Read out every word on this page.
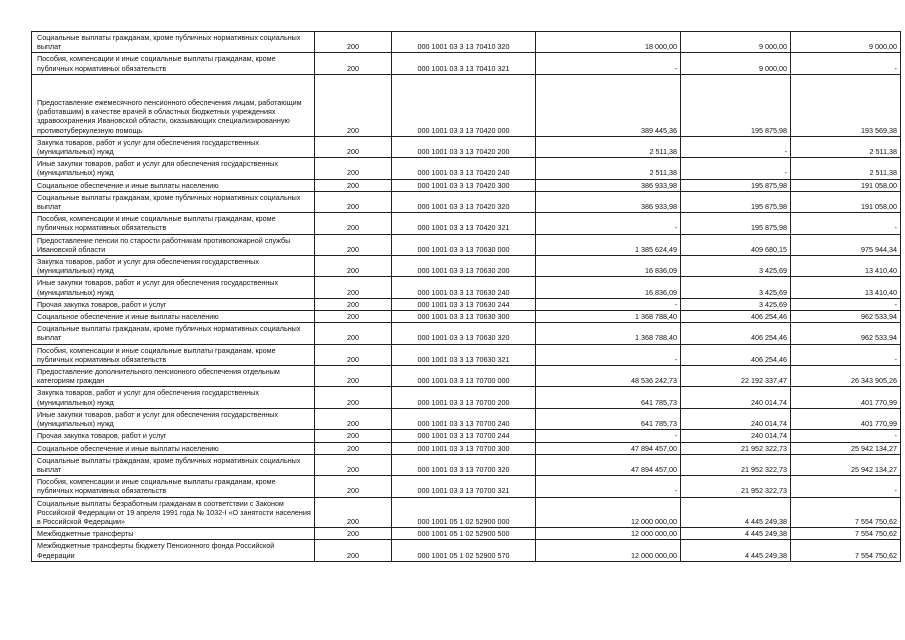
Социальные выплаты гражданам, кроме публичных нормативных социальных выплат	200	000 1001 03 3 13 70410 320	18 000,00	9 000,00	9 000,00
Пособия, компенсации и иные социальные выплаты гражданам, кроме публичных нормативных обязательств	200	000 1001 03 3 13 70410 321	-	9 000,00	-
Предоставление ежемесячного пенсионного обеспечения лицам, работающим (работавшим) в качестве врачей в областных бюджетных учреждениях здравоохранения Ивановской области, оказывающих специализированную противотуберкулезную помощь	200	000 1001 03 3 13 70420 000	389 445,36	195 875,98	193 569,38
Закупка товаров, работ и услуг для обеспечения государственных (муниципальных) нужд	200	000 1001 03 3 13 70420 200	2 511,38	-	2 511,38
Иные закупки товаров, работ и услуг для обеспечения государственных (муниципальных) нужд	200	000 1001 03 3 13 70420 240	2 511,38	-	2 511,38
Социальное обеспечение и иные выплаты населению	200	000 1001 03 3 13 70420 300	386 933,98	195 875,98	191 058,00
Социальные выплаты гражданам, кроме публичных нормативных социальных выплат	200	000 1001 03 3 13 70420 320	386 933,98	195 875,98	191 058,00
Пособия, компенсации и иные социальные выплаты гражданам, кроме публичных нормативных обязательств	200	000 1001 03 3 13 70420 321	-	195 875,98	-
Предоставление пенсии по старости работникам противопожарной службы Ивановской области	200	000 1001 03 3 13 70630 000	1 385 624,49	409 680,15	975 944,34
Закупка товаров, работ и услуг для обеспечения государственных (муниципальных) нужд	200	000 1001 03 3 13 70630 200	16 836,09	3 425,69	13 410,40
Иные закупки товаров, работ и услуг для обеспечения государственных (муниципальных) нужд	200	000 1001 03 3 13 70630 240	16 836,09	3 425,69	13 410,40
Прочая закупка товаров, работ и услуг	200	000 1001 03 3 13 70630 244	-	3 425,69	-
Социальное обеспечение и иные выплаты населению	200	000 1001 03 3 13 70630 300	1 368 788,40	406 254,46	962 533,94
Социальные выплаты гражданам, кроме публичных нормативных социальных выплат	200	000 1001 03 3 13 70630 320	1 368 788,40	406 254,46	962 533,94
Пособия, компенсации и иные социальные выплаты гражданам, кроме публичных нормативных обязательств	200	000 1001 03 3 13 70630 321	-	406 254,46	-
Предоставление дополнительного пенсионного обеспечения отдельным категориям граждан	200	000 1001 03 3 13 70700 000	48 536 242,73	22 192 337,47	26 343 905,26
Закупка товаров, работ и услуг для обеспечения государственных (муниципальных) нужд	200	000 1001 03 3 13 70700 200	641 785,73	240 014,74	401 770,99
Иные закупки товаров, работ и услуг для обеспечения государственных (муниципальных) нужд	200	000 1001 03 3 13 70700 240	641 785,73	240 014,74	401 770,99
Прочая закупка товаров, работ и услуг	200	000 1001 03 3 13 70700 244	-	240 014,74	-
Социальное обеспечение и иные выплаты населению	200	000 1001 03 3 13 70700 300	47 894 457,00	21 952 322,73	25 942 134,27
Социальные выплаты гражданам, кроме публичных нормативных социальных выплат	200	000 1001 03 3 13 70700 320	47 894 457,00	21 952 322,73	25 942 134,27
Пособия, компенсации и иные социальные выплаты гражданам, кроме публичных нормативных обязательств	200	000 1001 03 3 13 70700 321	-	21 952 322,73	-
Социальные выплаты безработным гражданам в соответствии с Законом Российской Федерации от 19 апреля 1991 года № 1032-I «О занятости населения в Российской Федерации»	200	000 1001 05 1 02 52900 000	12 000 000,00	4 445 249,38	7 554 750,62
Межбюджетные трансферты	200	000 1001 05 1 02 52900 500	12 000 000,00	4 445 249,38	7 554 750,62
Межбюджетные трансферты бюджету Пенсионного фонда Российской Федерации	200	000 1001 05 1 02 52900 570	12 000 000,00	4 445 249,38	7 554 750,62
